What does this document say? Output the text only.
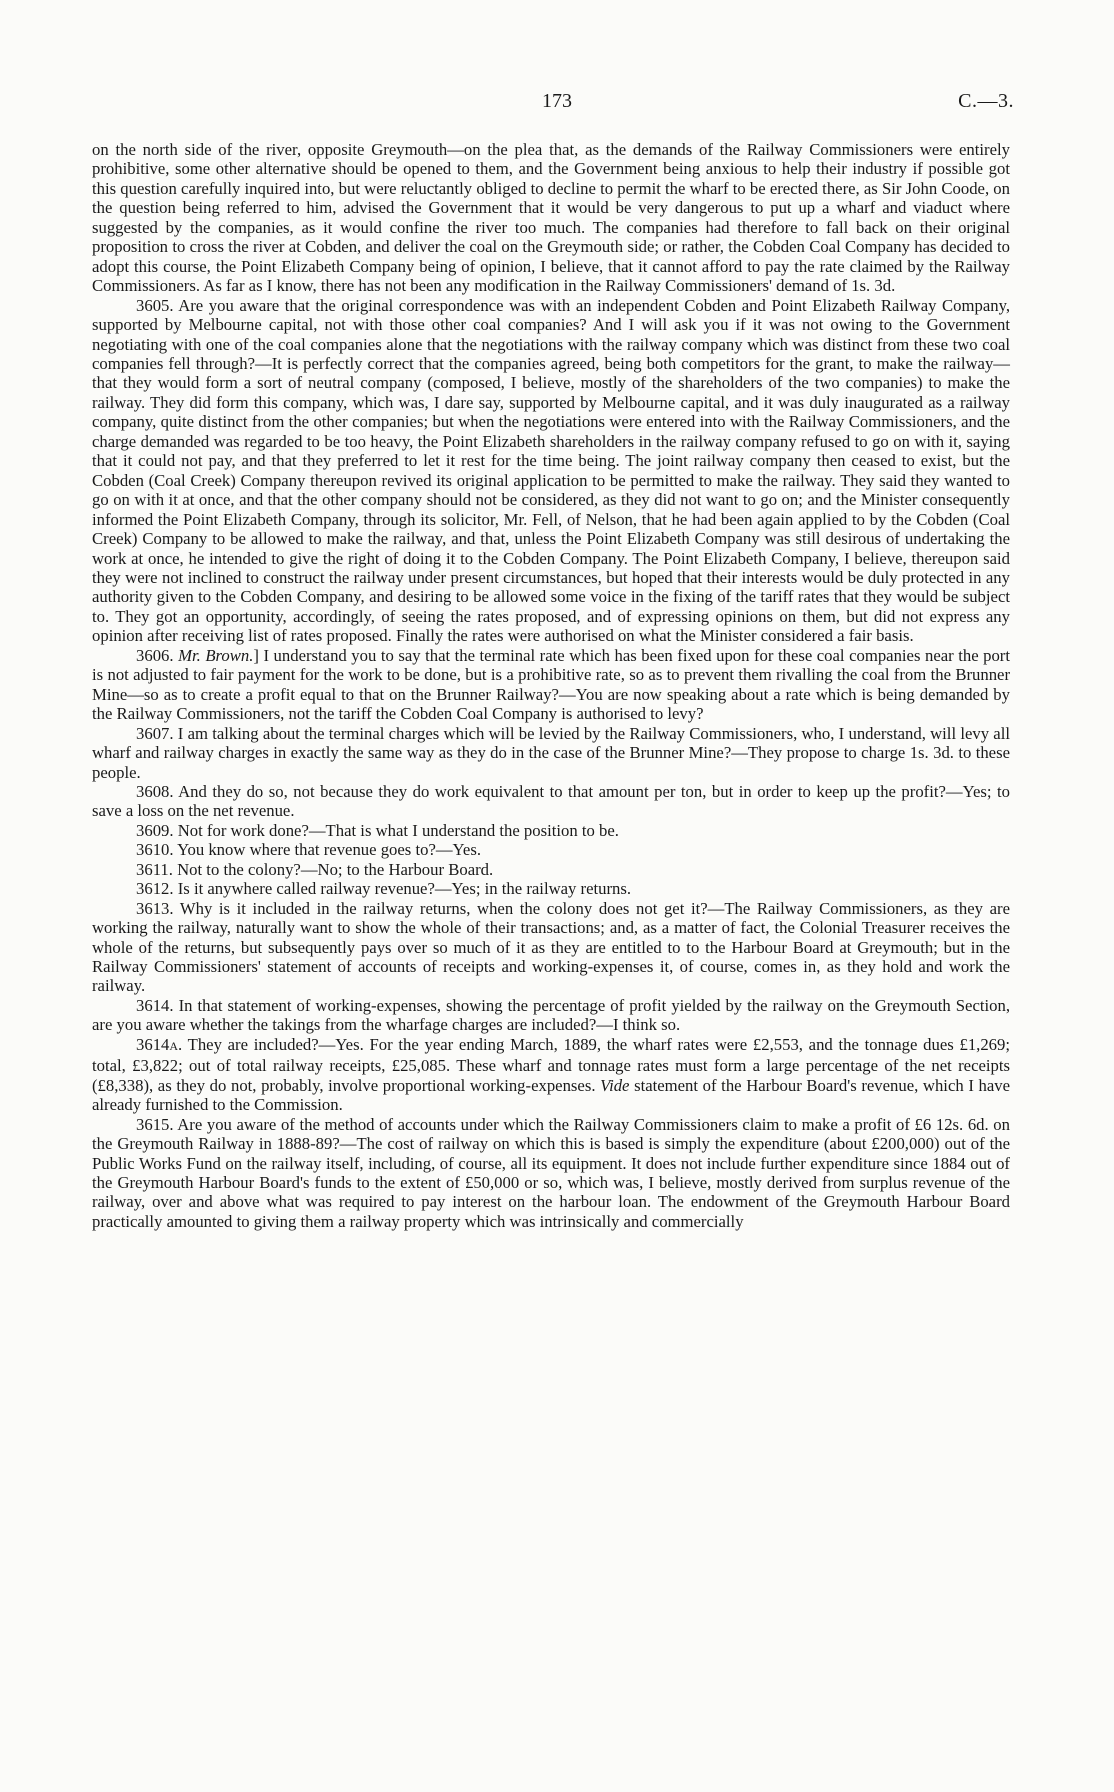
173	C.—3.

on the north side of the river, opposite Greymouth—on the plea that, as the demands of the Railway Commissioners were entirely prohibitive, some other alternative should be opened to them, and the Government being anxious to help their industry if possible got this question carefully inquired into, but were reluctantly obliged to decline to permit the wharf to be erected there, as Sir John Coode, on the question being referred to him, advised the Government that it would be very dangerous to put up a wharf and viaduct where suggested by the companies, as it would confine the river too much. The companies had therefore to fall back on their original proposition to cross the river at Cobden, and deliver the coal on the Greymouth side; or rather, the Cobden Coal Company has decided to adopt this course, the Point Elizabeth Company being of opinion, I believe, that it cannot afford to pay the rate claimed by the Railway Commissioners. As far as I know, there has not been any modification in the Railway Commissioners' demand of 1s. 3d.

3605. Are you aware that the original correspondence was with an independent Cobden and Point Elizabeth Railway Company, supported by Melbourne capital, not with those other coal companies? And I will ask you if it was not owing to the Government negotiating with one of the coal companies alone that the negotiations with the railway company which was distinct from these two coal companies fell through?—It is perfectly correct that the companies agreed, being both competitors for the grant, to make the railway—that they would form a sort of neutral company (composed, I believe, mostly of the shareholders of the two companies) to make the railway. They did form this company, which was, I dare say, supported by Melbourne capital, and it was duly inaugurated as a railway company, quite distinct from the other companies; but when the negotiations were entered into with the Railway Commissioners, and the charge demanded was regarded to be too heavy, the Point Elizabeth shareholders in the railway company refused to go on with it, saying that it could not pay, and that they preferred to let it rest for the time being. The joint railway company then ceased to exist, but the Cobden (Coal Creek) Company thereupon revived its original application to be permitted to make the railway. They said they wanted to go on with it at once, and that the other company should not be considered, as they did not want to go on; and the Minister consequently informed the Point Elizabeth Company, through its solicitor, Mr. Fell, of Nelson, that he had been again applied to by the Cobden (Coal Creek) Company to be allowed to make the railway, and that, unless the Point Elizabeth Company was still desirous of undertaking the work at once, he intended to give the right of doing it to the Cobden Company. The Point Elizabeth Company, I believe, thereupon said they were not inclined to construct the railway under present circumstances, but hoped that their interests would be duly protected in any authority given to the Cobden Company, and desiring to be allowed some voice in the fixing of the tariff rates that they would be subject to. They got an opportunity, accordingly, of seeing the rates proposed, and of expressing opinions on them, but did not express any opinion after receiving list of rates proposed. Finally the rates were authorised on what the Minister considered a fair basis.

3606. Mr. Brown.] I understand you to say that the terminal rate which has been fixed upon for these coal companies near the port is not adjusted to fair payment for the work to be done, but is a prohibitive rate, so as to prevent them rivalling the coal from the Brunner Mine—so as to create a profit equal to that on the Brunner Railway?—You are now speaking about a rate which is being demanded by the Railway Commissioners, not the tariff the Cobden Coal Company is authorised to levy?

3607. I am talking about the terminal charges which will be levied by the Railway Commissioners, who, I understand, will levy all wharf and railway charges in exactly the same way as they do in the case of the Brunner Mine?—They propose to charge 1s. 3d. to these people.

3608. And they do so, not because they do work equivalent to that amount per ton, but in order to keep up the profit?—Yes; to save a loss on the net revenue.

3609. Not for work done?—That is what I understand the position to be.

3610. You know where that revenue goes to?—Yes.

3611. Not to the colony?—No; to the Harbour Board.

3612. Is it anywhere called railway revenue?—Yes; in the railway returns.

3613. Why is it included in the railway returns, when the colony does not get it?—The Railway Commissioners, as they are working the railway, naturally want to show the whole of their transactions; and, as a matter of fact, the Colonial Treasurer receives the whole of the returns, but subsequently pays over so much of it as they are entitled to to the Harbour Board at Greymouth; but in the Railway Commissioners' statement of accounts of receipts and working-expenses it, of course, comes in, as they hold and work the railway.

3614. In that statement of working-expenses, showing the percentage of profit yielded by the railway on the Greymouth Section, are you aware whether the takings from the wharfage charges are included?—I think so.

3614A. They are included?—Yes. For the year ending March, 1889, the wharf rates were £2,553, and the tonnage dues £1,269; total, £3,822; out of total railway receipts, £25,085. These wharf and tonnage rates must form a large percentage of the net receipts (£8,338), as they do not, probably, involve proportional working-expenses. Vide statement of the Harbour Board's revenue, which I have already furnished to the Commission.

3615. Are you aware of the method of accounts under which the Railway Commissioners claim to make a profit of £6 12s. 6d. on the Greymouth Railway in 1888-89?—The cost of railway on which this is based is simply the expenditure (about £200,000) out of the Public Works Fund on the railway itself, including, of course, all its equipment. It does not include further expenditure since 1884 out of the Greymouth Harbour Board's funds to the extent of £50,000 or so, which was, I believe, mostly derived from surplus revenue of the railway, over and above what was required to pay interest on the harbour loan. The endowment of the Greymouth Harbour Board practically amounted to giving them a railway property which was intrinsically and commercially
